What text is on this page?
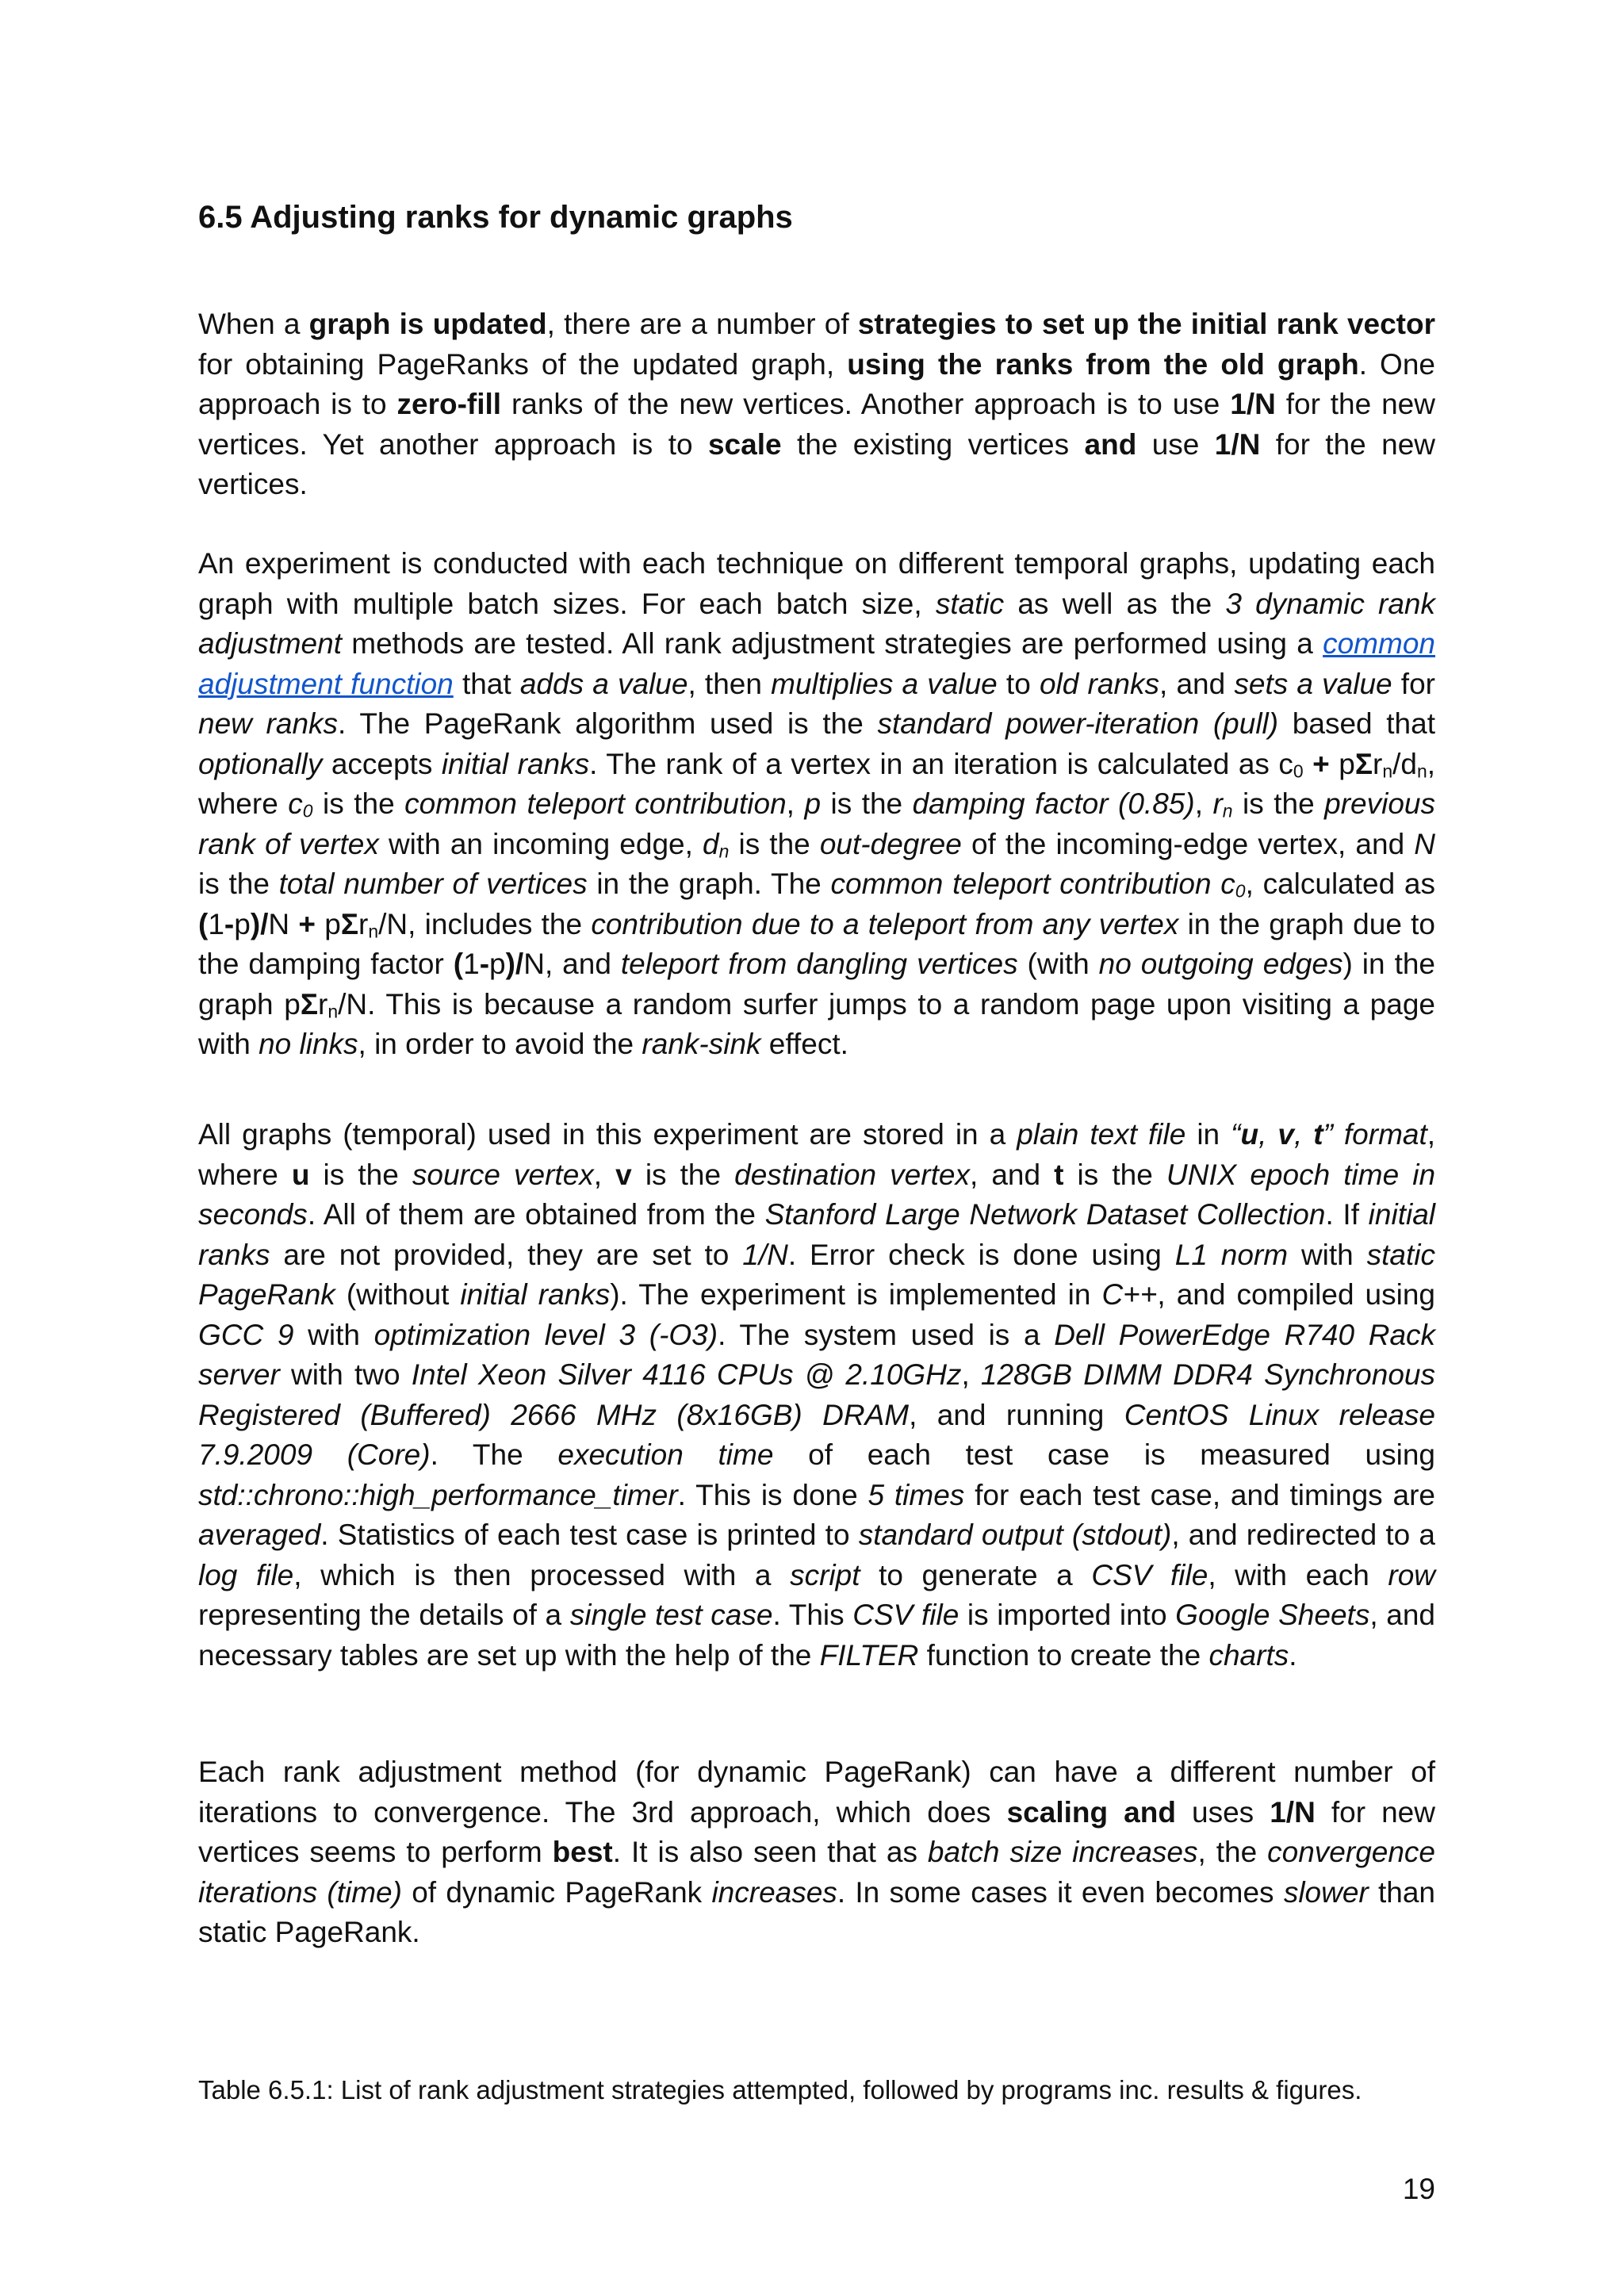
6.5 Adjusting ranks for dynamic graphs

When a graph is updated, there are a number of strategies to set up the initial rank vector for obtaining PageRanks of the updated graph, using the ranks from the old graph. One approach is to zero-fill ranks of the new vertices. Another approach is to use 1/N for the new vertices. Yet another approach is to scale the existing vertices and use 1/N for the new vertices.

An experiment is conducted with each technique on different temporal graphs, updating each graph with multiple batch sizes. For each batch size, static as well as the 3 dynamic rank adjustment methods are tested. All rank adjustment strategies are performed using a common adjustment function that adds a value, then multiplies a value to old ranks, and sets a value for new ranks. The PageRank algorithm used is the standard power-iteration (pull) based that optionally accepts initial ranks. The rank of a vertex in an iteration is calculated as $c_0 + p\Sigma r_n/d_n$, where $c_0$ is the common teleport contribution, p is the damping factor (0.85), $r_n$ is the previous rank of vertex with an incoming edge, $d_n$ is the out-degree of the incoming-edge vertex, and N is the total number of vertices in the graph. The common teleport contribution $c_0$, calculated as (1-p)/N + pΣr$_n$/N, includes the contribution due to a teleport from any vertex in the graph due to the damping factor (1-p)/N, and teleport from dangling vertices (with no outgoing edges) in the graph pΣr$_n$/N. This is because a random surfer jumps to a random page upon visiting a page with no links, in order to avoid the rank-sink effect.

All graphs (temporal) used in this experiment are stored in a plain text file in “u, v, t” format, where u is the source vertex, v is the destination vertex, and t is the UNIX epoch time in seconds. All of them are obtained from the Stanford Large Network Dataset Collection. If initial ranks are not provided, they are set to 1/N. Error check is done using L1 norm with static PageRank (without initial ranks). The experiment is implemented in C++, and compiled using GCC 9 with optimization level 3 (-O3). The system used is a Dell PowerEdge R740 Rack server with two Intel Xeon Silver 4116 CPUs @ 2.10GHz, 128GB DIMM DDR4 Synchronous Registered (Buffered) 2666 MHz (8x16GB) DRAM, and running CentOS Linux release 7.9.2009 (Core). The execution time of each test case is measured using std::chrono::high_performance_timer. This is done 5 times for each test case, and timings are averaged. Statistics of each test case is printed to standard output (stdout), and redirected to a log file, which is then processed with a script to generate a CSV file, with each row representing the details of a single test case. This CSV file is imported into Google Sheets, and necessary tables are set up with the help of the FILTER function to create the charts.

Each rank adjustment method (for dynamic PageRank) can have a different number of iterations to convergence. The 3rd approach, which does scaling and uses 1/N for new vertices seems to perform best. It is also seen that as batch size increases, the convergence iterations (time) of dynamic PageRank increases. In some cases it even becomes slower than static PageRank.

Table 6.5.1: List of rank adjustment strategies attempted, followed by programs inc. results & figures.

19
